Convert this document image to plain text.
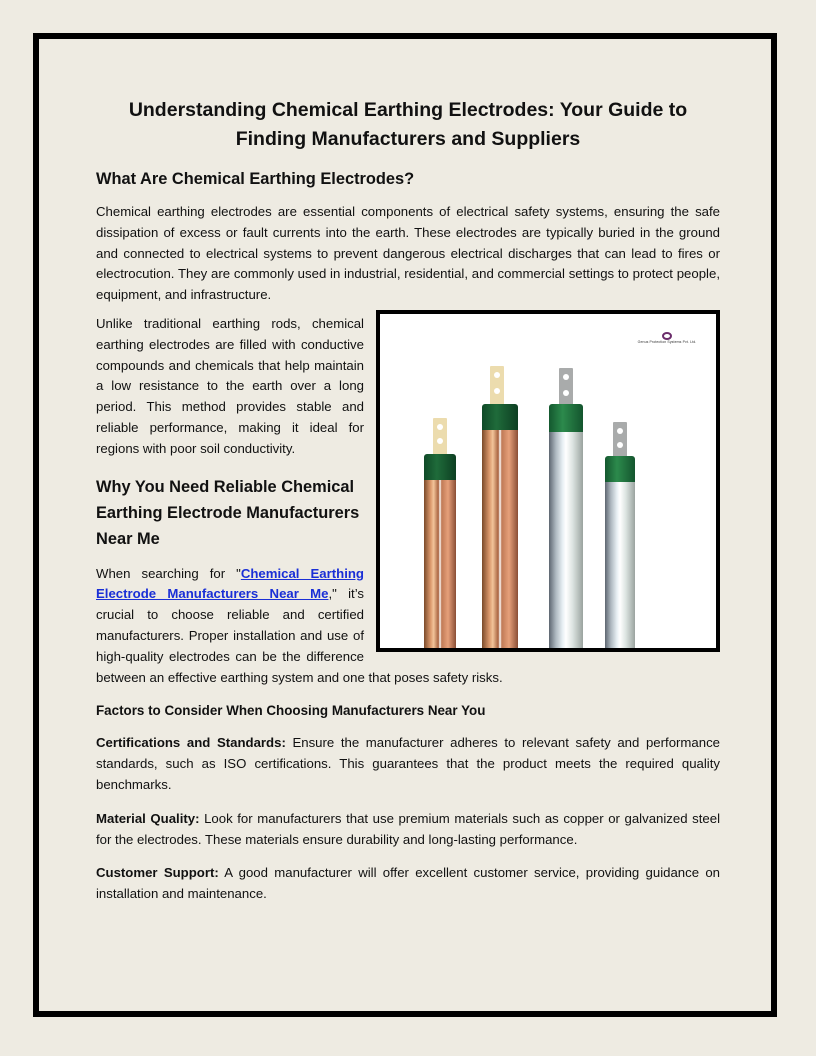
Understanding Chemical Earthing Electrodes: Your Guide to Finding Manufacturers and Suppliers
What Are Chemical Earthing Electrodes?

Chemical earthing electrodes are essential components of electrical safety systems, ensuring the safe dissipation of excess or fault currents into the earth. These electrodes are typically buried in the ground and connected to electrical systems to prevent dangerous electrical discharges that can lead to fires or electrocution. They are commonly used in industrial, residential, and commercial settings to protect people, equipment, and infrastructure.

Genus Protection Systems Pvt. Ltd.

Unlike traditional earthing rods, chemical earthing electrodes are filled with conductive compounds and chemicals that help maintain a low resistance to the earth over a long period. This method provides stable and reliable performance, making it ideal for regions with poor soil conductivity.

Why You Need Reliable Chemical Earthing Electrode Manufacturers Near Me

When searching for "Chemical Earthing Electrode Manufacturers Near Me," it’s crucial to choose reliable and certified manufacturers. Proper installation and use of high-quality electrodes can be the difference between an effective earthing system and one that poses safety risks.

Factors to Consider When Choosing Manufacturers Near You

Certifications and Standards: Ensure the manufacturer adheres to relevant safety and performance standards, such as ISO certifications. This guarantees that the product meets the required quality benchmarks.

Material Quality: Look for manufacturers that use premium materials such as copper or galvanized steel for the electrodes. These materials ensure durability and long-lasting performance.

Customer Support: A good manufacturer will offer excellent customer service, providing guidance on installation and maintenance.
